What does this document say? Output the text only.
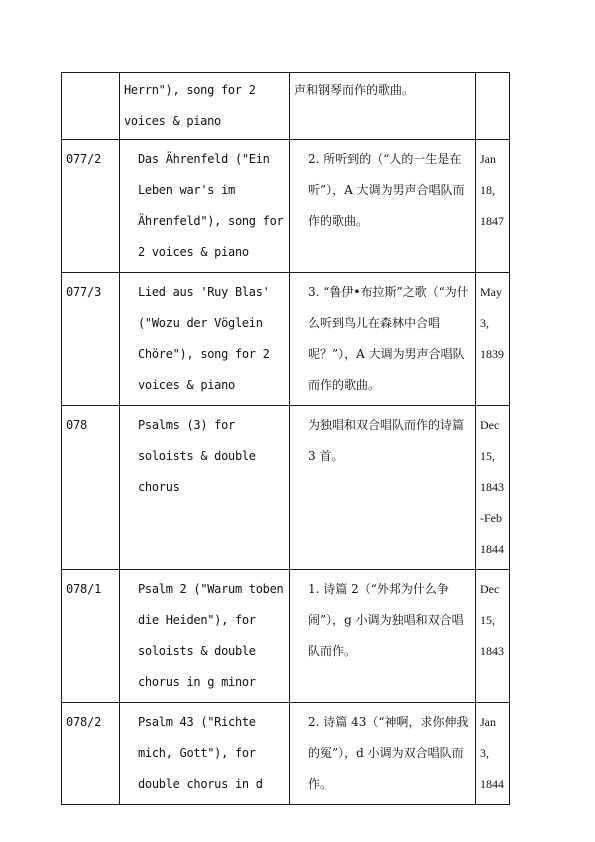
	Herrn"), song for 2 voices & piano	声和钢琴而作的歌曲。	

077/2	Das Ährenfeld ("Ein Leben war's im Ährenfeld"), song for 2 voices & piano	2. 所听到的（“人的一生是在听”），A 大调为男声合唱队而作的歌曲。	Jan 18, 1847
077/3	Lied aus 'Ruy Blas' ("Wozu der Vöglein Chöre"), song for 2 voices & piano	3. “鲁伊•布拉斯”之歌（“为什么听到鸟儿在森林中合唱呢？”），A 大调为男声合唱队而作的歌曲。	May 3, 1839
078	Psalms (3) for soloists & double chorus	为独唱和双合唱队而作的诗篇 3 首。	Dec 15, 1843-Feb 1844
078/1	Psalm 2 ("Warum toben die Heiden"), for soloists & double chorus in g minor	1. 诗篇 2（“外邦为什么争闹”），g 小调为独唱和双合唱队而作。	Dec 15, 1843
078/2	Psalm 43 ("Richte mich, Gott"), for double chorus in d	2. 诗篇 43（“神啊，求你伸我的冤”），d 小调为双合唱队而作。	Jan 3, 1844
